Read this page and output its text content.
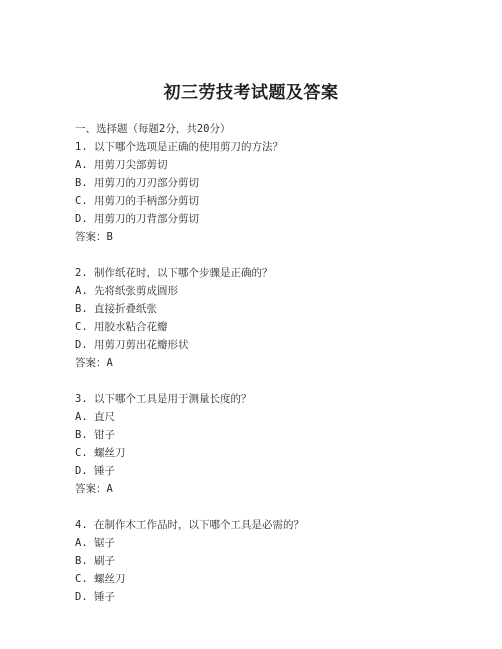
初三劳技考试题及答案
一、选择题（每题2分，共20分）
1. 以下哪个选项是正确的使用剪刀的方法？
A. 用剪刀尖部剪切
B. 用剪刀的刀刃部分剪切
C. 用剪刀的手柄部分剪切
D. 用剪刀的刀背部分剪切
答案：B
2. 制作纸花时，以下哪个步骤是正确的？
A. 先将纸张剪成圆形
B. 直接折叠纸张
C. 用胶水粘合花瓣
D. 用剪刀剪出花瓣形状
答案：A
3. 以下哪个工具是用于测量长度的？
A. 直尺
B. 钳子
C. 螺丝刀
D. 锤子
答案：A
4. 在制作木工作品时，以下哪个工具是必需的？
A. 锯子
B. 刷子
C. 螺丝刀
D. 锤子
